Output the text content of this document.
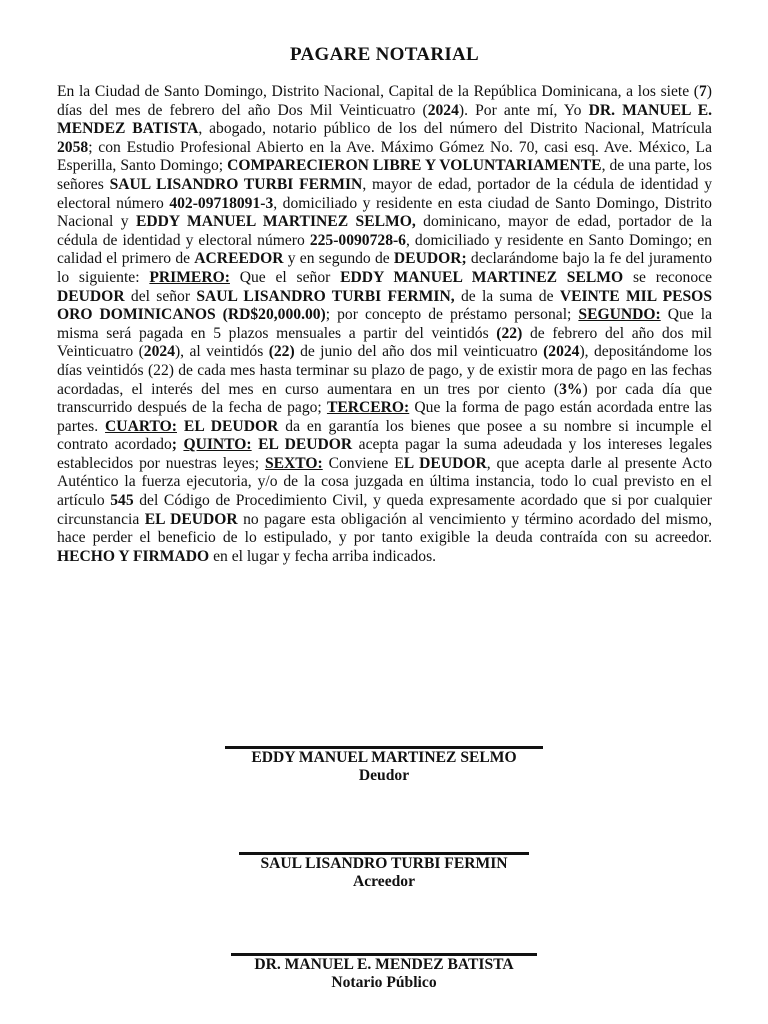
PAGARE NOTARIAL

En la Ciudad de Santo Domingo, Distrito Nacional, Capital de la República Dominicana, a los siete (7) días del mes de febrero del año Dos Mil Veinticuatro (2024). Por ante mí, Yo DR. MANUEL E. MENDEZ BATISTA, abogado, notario público de los del número del Distrito Nacional, Matrícula 2058; con Estudio Profesional Abierto en la Ave. Máximo Gómez No. 70, casi esq. Ave. México, La Esperilla, Santo Domingo; COMPARECIERON LIBRE Y VOLUNTARIAMENTE, de una parte, los señores SAUL LISANDRO TURBI FERMIN, mayor de edad, portador de la cédula de identidad y electoral número 402-09718091-3, domiciliado y residente en esta ciudad de Santo Domingo, Distrito Nacional y EDDY MANUEL MARTINEZ SELMO, dominicano, mayor de edad, portador de la cédula de identidad y electoral número 225-0090728-6, domiciliado y residente en Santo Domingo; en calidad el primero de ACREEDOR y en segundo de DEUDOR; declarándome bajo la fe del juramento lo siguiente: PRIMERO: Que el señor EDDY MANUEL MARTINEZ SELMO se reconoce DEUDOR del señor SAUL LISANDRO TURBI FERMIN, de la suma de VEINTE MIL PESOS ORO DOMINICANOS (RD$20,000.00); por concepto de préstamo personal; SEGUNDO: Que la misma será pagada en 5 plazos mensuales a partir del veintidós (22) de febrero del año dos mil Veinticuatro (2024), al veintidós (22) de junio del año dos mil veinticuatro (2024), depositándome los días veintidós (22) de cada mes hasta terminar su plazo de pago, y de existir mora de pago en las fechas acordadas, el interés del mes en curso aumentara en un tres por ciento (3%) por cada día que transcurrido después de la fecha de pago; TERCERO: Que la forma de pago están acordada entre las partes. CUARTO: EL DEUDOR da en garantía los bienes que posee a su nombre si incumple el contrato acordado; QUINTO: EL DEUDOR acepta pagar la suma adeudada y los intereses legales establecidos por nuestras leyes; SEXTO: Conviene EL DEUDOR, que acepta darle al presente Acto Auténtico la fuerza ejecutoria, y/o de la cosa juzgada en última instancia, todo lo cual previsto en el artículo 545 del Código de Procedimiento Civil, y queda expresamente acordado que si por cualquier circunstancia EL DEUDOR no pagare esta obligación al vencimiento y término acordado del mismo, hace perder el beneficio de lo estipulado, y por tanto exigible la deuda contraída con su acreedor. HECHO Y FIRMADO en el lugar y fecha arriba indicados.

EDDY MANUEL MARTINEZ SELMO
Deudor
SAUL LISANDRO TURBI FERMIN
Acreedor
DR. MANUEL E. MENDEZ BATISTA
Notario Público
